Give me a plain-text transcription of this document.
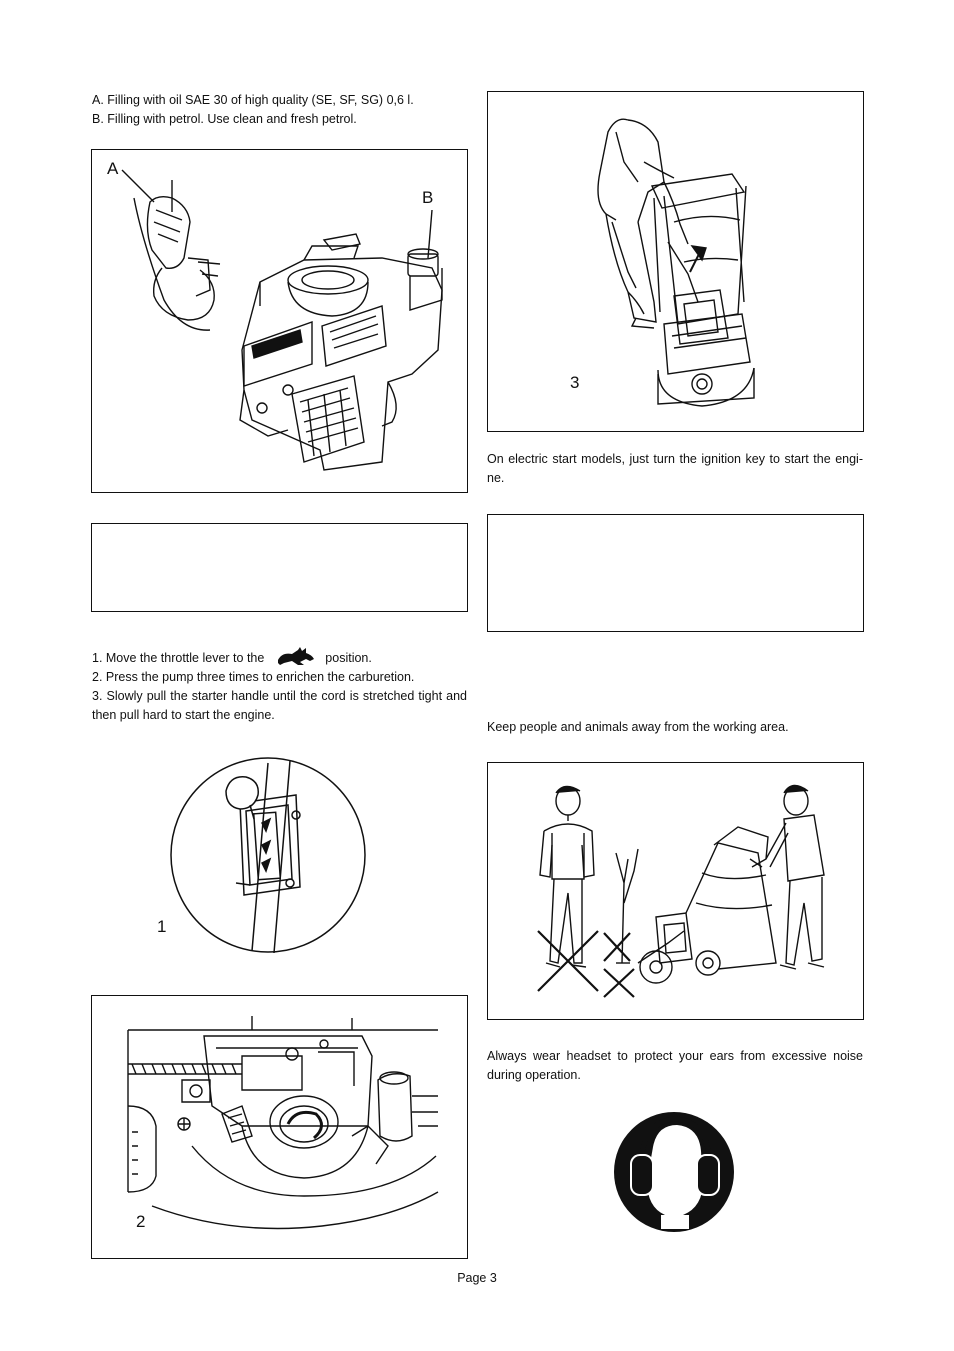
A. Filling with oil SAE 30 of high quality (SE, SF, SG) 0,6 l.
B. Filling with petrol. Use clean and fresh petrol.
A
B
1. Move the throttle lever to the	position.
2. Press the pump three times to enrichen the carburetion.
3. Slowly pull the starter handle until the cord is stretched tight and then pull hard to start the engine.
1
2
3
On electric start models, just turn the ignition key to start the engi-ne.
Keep people and animals away from the working area.
Always wear headset to protect your ears from excessive noise during operation.
Page 3
